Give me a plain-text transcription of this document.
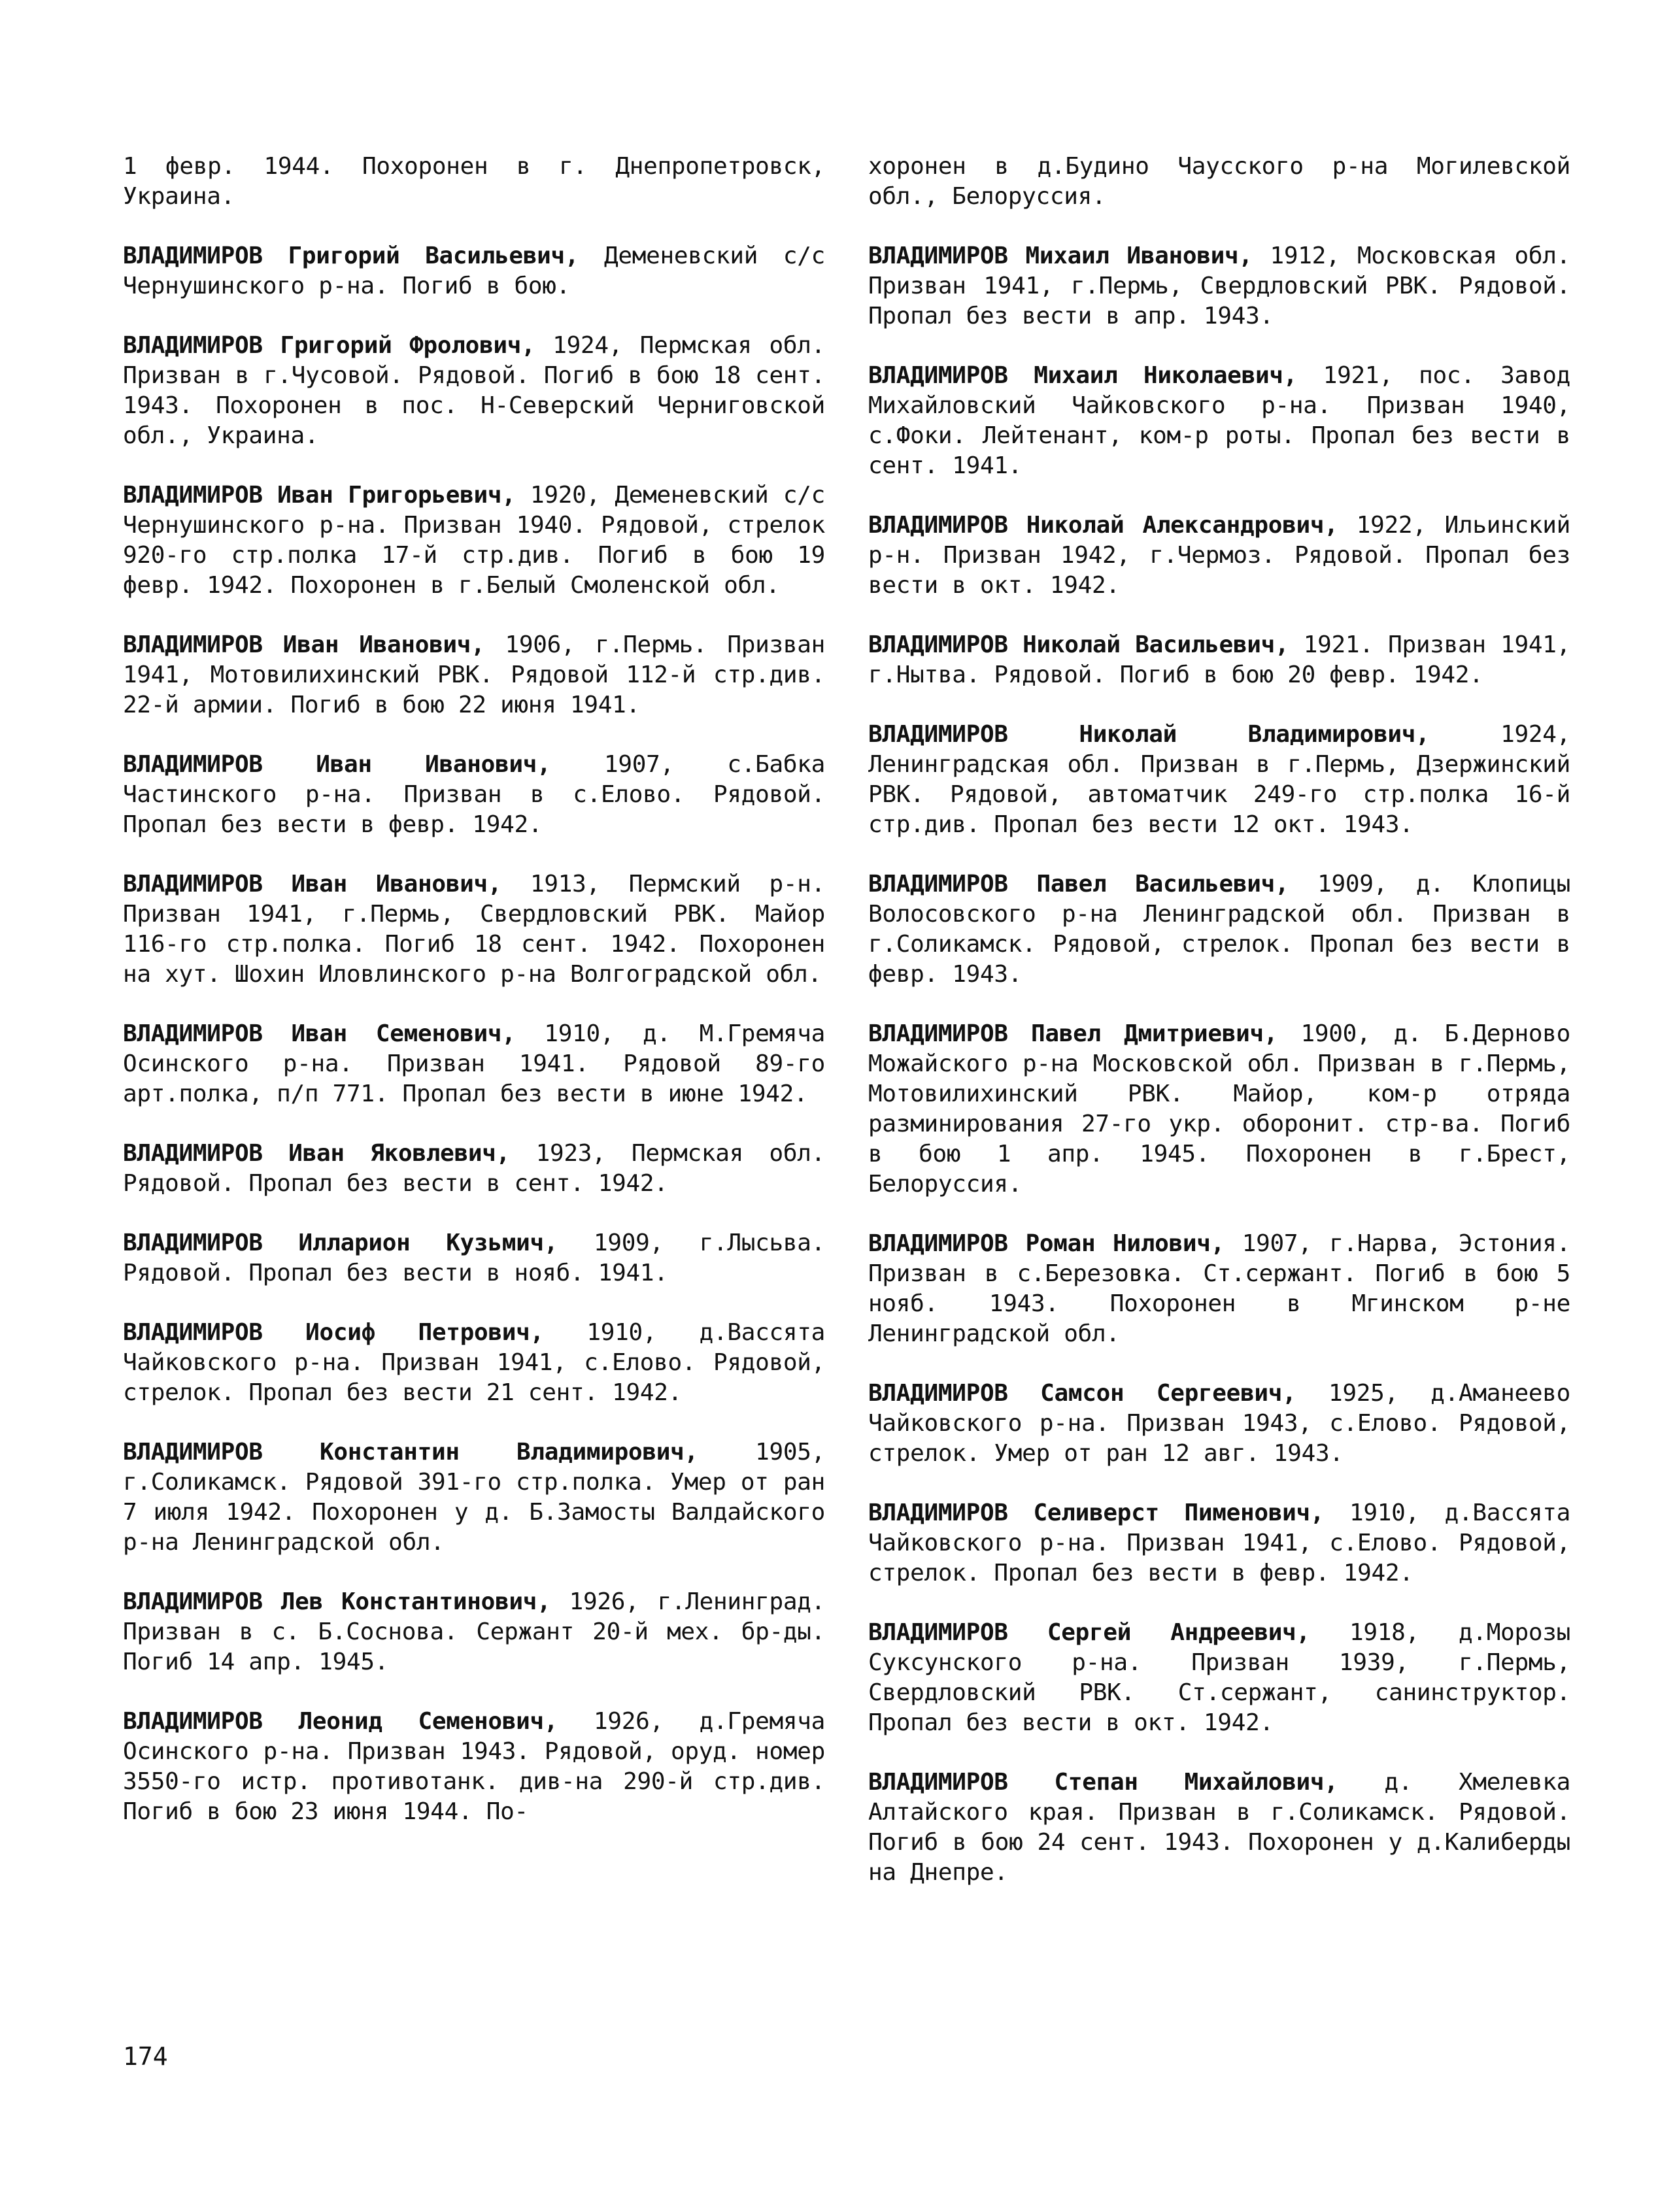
1 февр. 1944. Похоронен в г. Днепропетровск, Украина.

ВЛАДИМИРОВ Григорий Васильевич, Деменевский с/с Чернушинского р-на. Погиб в бою.

ВЛАДИМИРОВ Григорий Фролович, 1924, Пермская обл. Призван в г.Чусовой. Рядовой. Погиб в бою 18 сент. 1943. Похоронен в пос. Н-Северский Черниговской обл., Украина.

ВЛАДИМИРОВ Иван Григорьевич, 1920, Деменевский с/с Чернушинского р-на. Призван 1940. Рядовой, стрелок 920-го стр.полка 17-й стр.див. Погиб в бою 19 февр. 1942. Похоронен в г.Белый Смоленской обл.

ВЛАДИМИРОВ Иван Иванович, 1906, г.Пермь. Призван 1941, Мотовилихинский РВК. Рядовой 112-й стр.див. 22-й армии. Погиб в бою 22 июня 1941.

ВЛАДИМИРОВ Иван Иванович, 1907, с.Бабка Частинского р-на. Призван в с.Елово. Рядовой. Пропал без вести в февр. 1942.

ВЛАДИМИРОВ Иван Иванович, 1913, Пермский р-н. Призван 1941, г.Пермь, Свердловский РВК. Майор 116-го стр.полка. Погиб 18 сент. 1942. Похоронен на хут. Шохин Иловлинского р-на Волгоградской обл.

ВЛАДИМИРОВ Иван Семенович, 1910, д. М.Гремяча Осинского р-на. Призван 1941. Рядовой 89-го арт.полка, п/п 771. Пропал без вести в июне 1942.

ВЛАДИМИРОВ Иван Яковлевич, 1923, Пермская обл. Рядовой. Пропал без вести в сент. 1942.

ВЛАДИМИРОВ Илларион Кузьмич, 1909, г.Лысьва. Рядовой. Пропал без вести в нояб. 1941.

ВЛАДИМИРОВ Иосиф Петрович, 1910, д.Вассята Чайковского р-на. Призван 1941, с.Елово. Рядовой, стрелок. Пропал без вести 21 сент. 1942.

ВЛАДИМИРОВ Константин Владимирович, 1905, г.Соликамск. Рядовой 391-го стр.полка. Умер от ран 7 июля 1942. Похоронен у д. Б.Замосты Валдайского р-на Ленинградской обл.

ВЛАДИМИРОВ Лев Константинович, 1926, г.Ленинград. Призван в с. Б.Соснова. Сержант 20-й мех. бр-ды. Погиб 14 апр. 1945.

ВЛАДИМИРОВ Леонид Семенович, 1926, д.Гремяча Осинского р-на. Призван 1943. Рядовой, оруд. номер 3550-го истр. противотанк. див-на 290-й стр.див. Погиб в бою 23 июня 1944. По-

хоронен в д.Будино Чаусского р-на Могилевской обл., Белоруссия.

ВЛАДИМИРОВ Михаил Иванович, 1912, Московская обл. Призван 1941, г.Пермь, Свердловский РВК. Рядовой. Пропал без вести в апр. 1943.

ВЛАДИМИРОВ Михаил Николаевич, 1921, пос. Завод Михайловский Чайковского р-на. Призван 1940, с.Фоки. Лейтенант, ком-р роты. Пропал без вести в сент. 1941.

ВЛАДИМИРОВ Николай Александрович, 1922, Ильинский р-н. Призван 1942, г.Чермоз. Рядовой. Пропал без вести в окт. 1942.

ВЛАДИМИРОВ Николай Васильевич, 1921. Призван 1941, г.Нытва. Рядовой. Погиб в бою 20 февр. 1942.

ВЛАДИМИРОВ Николай Владимирович, 1924, Ленинградская обл. Призван в г.Пермь, Дзержинский РВК. Рядовой, автоматчик 249-го стр.полка 16-й стр.див. Пропал без вести 12 окт. 1943.

ВЛАДИМИРОВ Павел Васильевич, 1909, д. Клопицы Волосовского р-на Ленинградской обл. Призван в г.Соликамск. Рядовой, стрелок. Пропал без вести в февр. 1943.

ВЛАДИМИРОВ Павел Дмитриевич, 1900, д. Б.Дерново Можайского р-на Московской обл. Призван в г.Пермь, Мотовилихинский РВК. Майор, ком-р отряда разминирования 27-го укр. оборонит. стр-ва. Погиб в бою 1 апр. 1945. Похоронен в г.Брест, Белоруссия.

ВЛАДИМИРОВ Роман Нилович, 1907, г.Нарва, Эстония. Призван в с.Березовка. Ст.сержант. Погиб в бою 5 нояб. 1943. Похоронен в Мгинском р-не Ленинградской обл.

ВЛАДИМИРОВ Самсон Сергеевич, 1925, д.Аманеево Чайковского р-на. Призван 1943, с.Елово. Рядовой, стрелок. Умер от ран 12 авг. 1943.

ВЛАДИМИРОВ Селиверст Пименович, 1910, д.Вассята Чайковского р-на. Призван 1941, с.Елово. Рядовой, стрелок. Пропал без вести в февр. 1942.

ВЛАДИМИРОВ Сергей Андреевич, 1918, д.Морозы Суксунского р-на. Призван 1939, г.Пермь, Свердловский РВК. Ст.сержант, санинструктор. Пропал без вести в окт. 1942.

ВЛАДИМИРОВ Степан Михайлович, д. Хмелевка Алтайского края. Призван в г.Соликамск. Рядовой. Погиб в бою 24 сент. 1943. Похоронен у д.Калиберды на Днепре.

174
